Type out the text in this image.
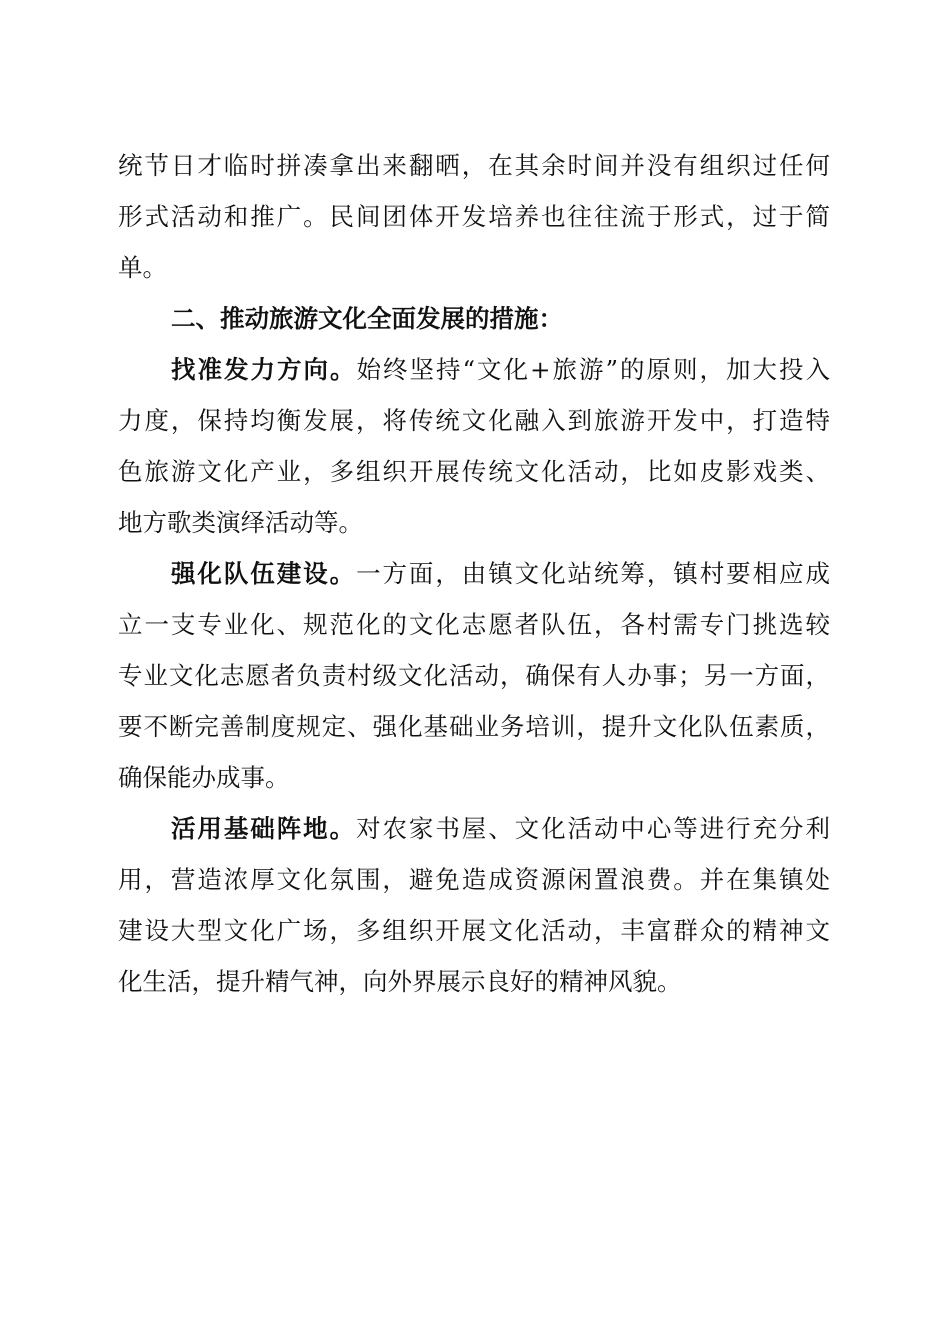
统节日才临时拼凑拿出来翻晒，在其余时间并没有组织过任何
形式活动和推广。民间团体开发培养也往往流于形式，过于简
单。
二、推动旅游文化全面发展的措施：
找准发力方向。始终坚持“文化+旅游”的原则，加大投入
力度，保持均衡发展，将传统文化融入到旅游开发中，打造特
色旅游文化产业，多组织开展传统文化活动，比如皮影戏类、
地方歌类演绎活动等。
强化队伍建设。一方面，由镇文化站统筹，镇村要相应成
立一支专业化、规范化的文化志愿者队伍，各村需专门挑选较
专业文化志愿者负责村级文化活动，确保有人办事；另一方面，
要不断完善制度规定、强化基础业务培训，提升文化队伍素质，
确保能办成事。
活用基础阵地。对农家书屋、文化活动中心等进行充分利
用，营造浓厚文化氛围，避免造成资源闲置浪费。并在集镇处
建设大型文化广场，多组织开展文化活动，丰富群众的精神文
化生活，提升精气神，向外界展示良好的精神风貌。
